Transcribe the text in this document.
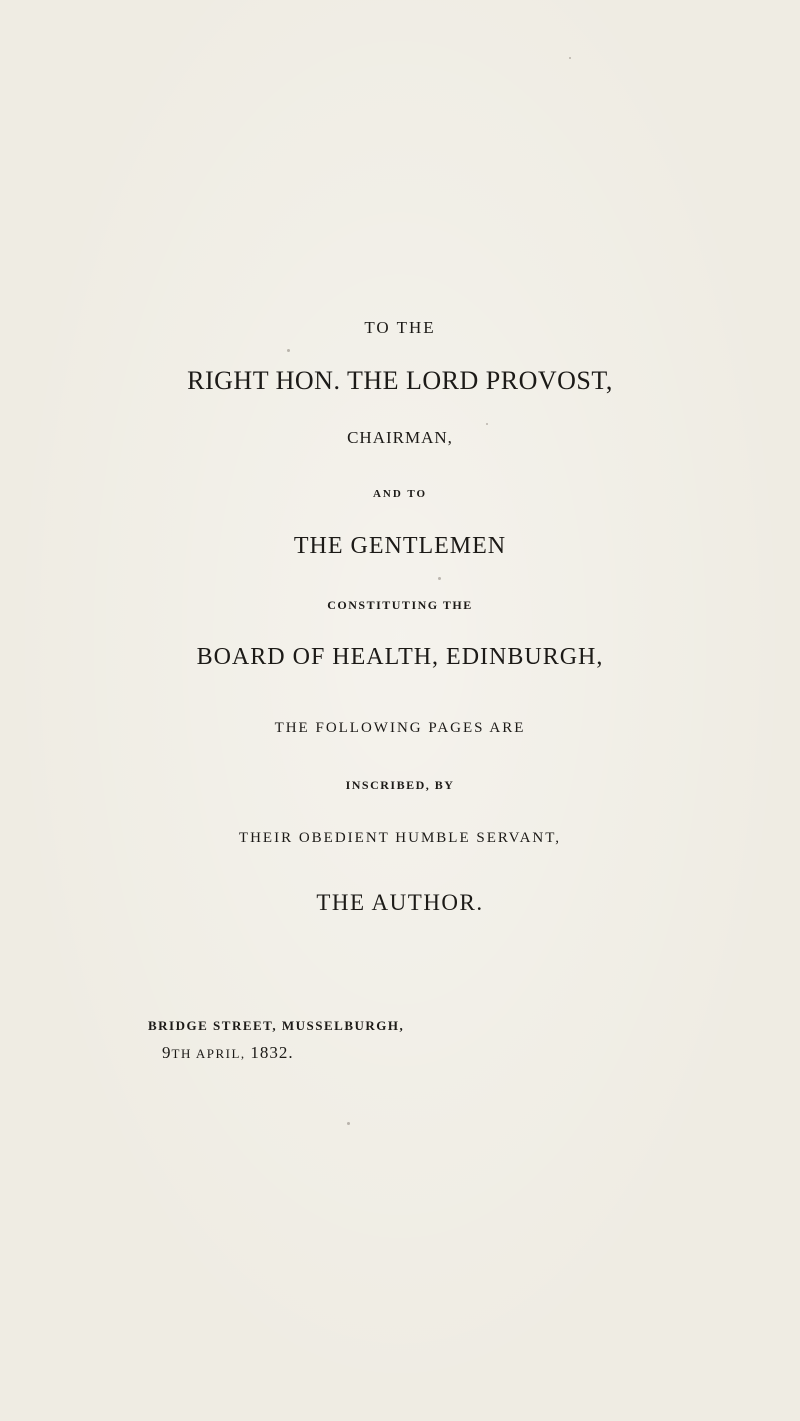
TO THE
RIGHT HON. THE LORD PROVOST,
CHAIRMAN,
AND TO
THE GENTLEMEN
CONSTITUTING THE
BOARD OF HEALTH, EDINBURGH,
THE FOLLOWING PAGES ARE
INSCRIBED, BY
THEIR OBEDIENT HUMBLE SERVANT,
THE AUTHOR.
BRIDGE STREET, MUSSELBURGH,
9TH APRIL, 1832.
